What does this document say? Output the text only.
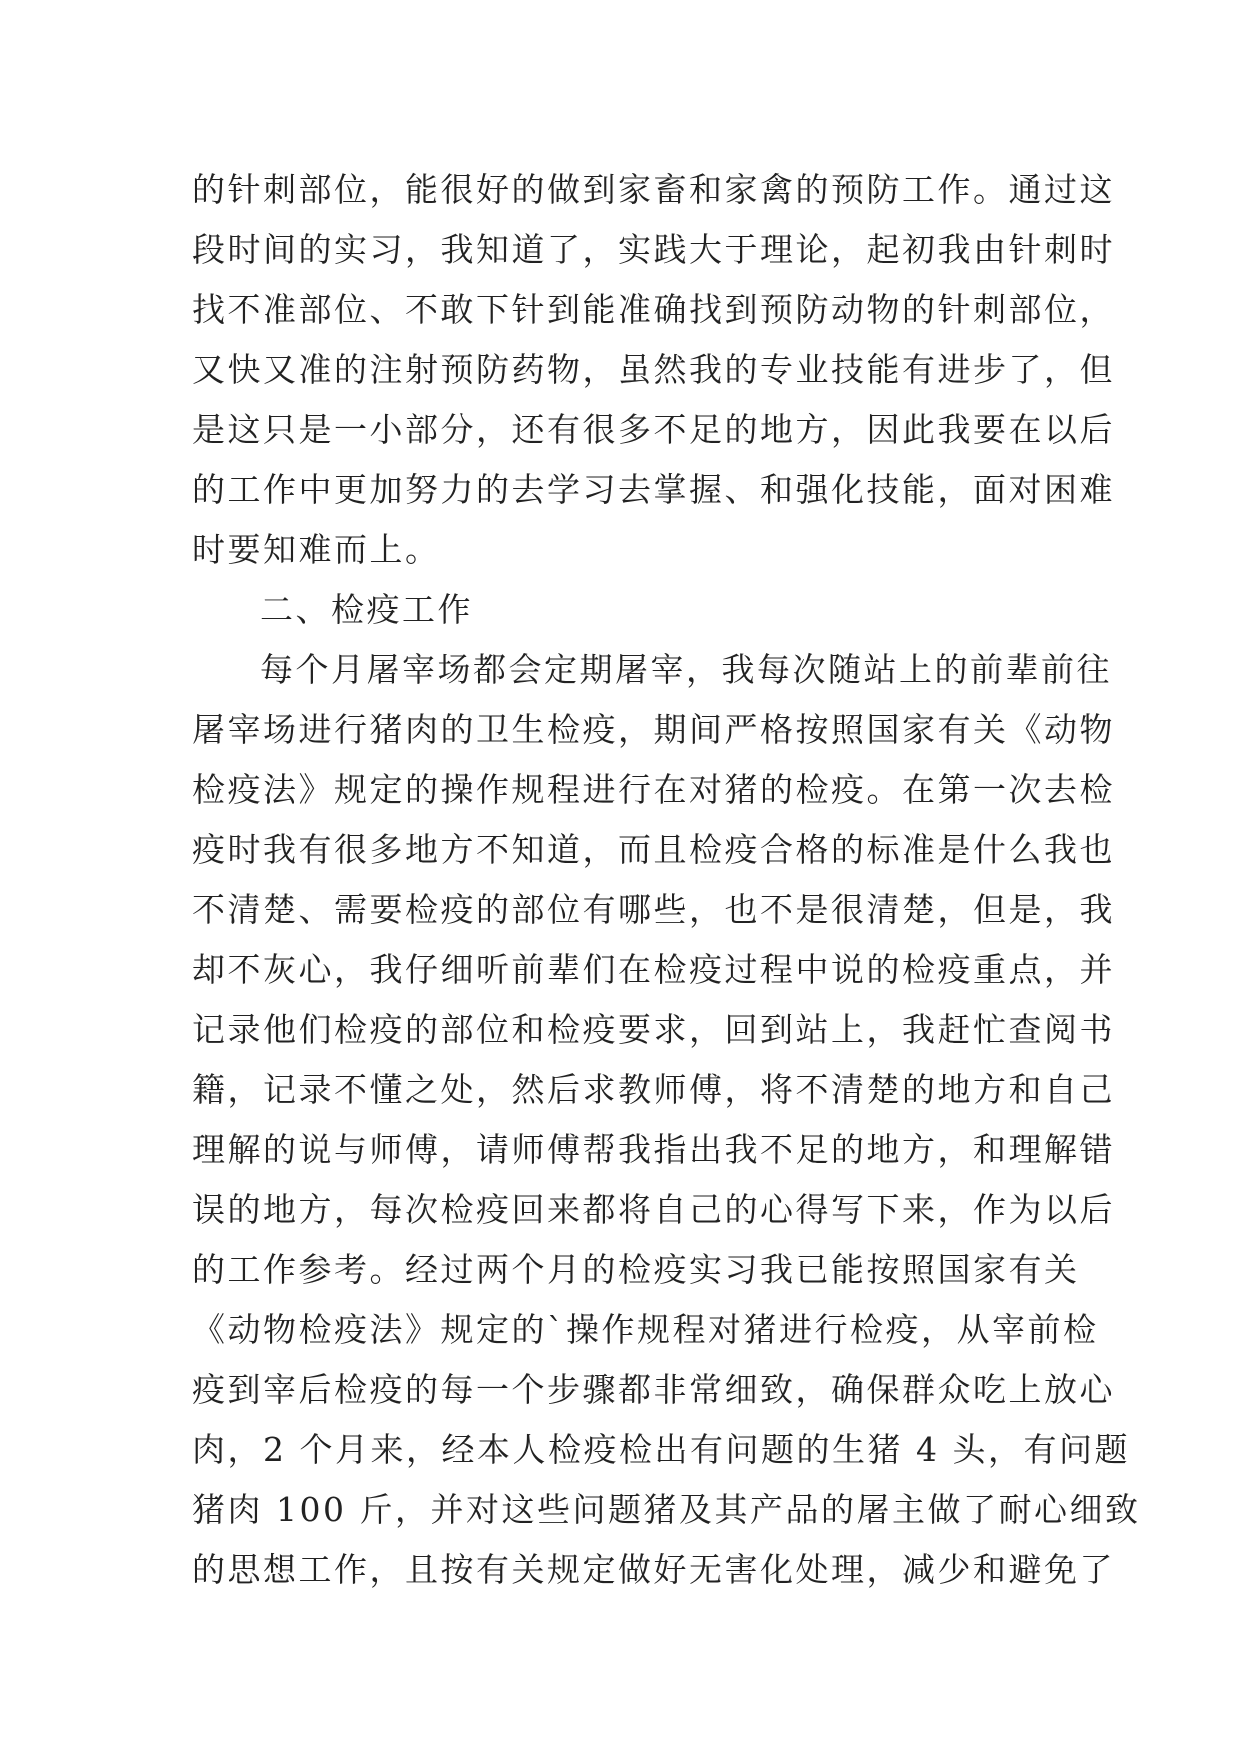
的针刺部位，能很好的做到家畜和家禽的预防工作。通过这
段时间的实习，我知道了，实践大于理论，起初我由针刺时
找不准部位、不敢下针到能准确找到预防动物的针刺部位，
又快又准的注射预防药物，虽然我的专业技能有进步了，但
是这只是一小部分，还有很多不足的地方，因此我要在以后
的工作中更加努力的去学习去掌握、和强化技能，面对困难
时要知难而上。
二、检疫工作
每个月屠宰场都会定期屠宰，我每次随站上的前辈前往
屠宰场进行猪肉的卫生检疫，期间严格按照国家有关《动物
检疫法》规定的操作规程进行在对猪的检疫。在第一次去检
疫时我有很多地方不知道，而且检疫合格的标准是什么我也
不清楚、需要检疫的部位有哪些，也不是很清楚，但是，我
却不灰心，我仔细听前辈们在检疫过程中说的检疫重点，并
记录他们检疫的部位和检疫要求，回到站上，我赶忙查阅书
籍，记录不懂之处，然后求教师傅，将不清楚的地方和自己
理解的说与师傅，请师傅帮我指出我不足的地方，和理解错
误的地方，每次检疫回来都将自己的心得写下来，作为以后
的工作参考。经过两个月的检疫实习我已能按照国家有关
《动物检疫法》规定的`操作规程对猪进行检疫，从宰前检
疫到宰后检疫的每一个步骤都非常细致，确保群众吃上放心
肉，2 个月来，经本人检疫检出有问题的生猪 4 头，有问题
猪肉 100 斤，并对这些问题猪及其产品的屠主做了耐心细致
的思想工作，且按有关规定做好无害化处理，减少和避免了
